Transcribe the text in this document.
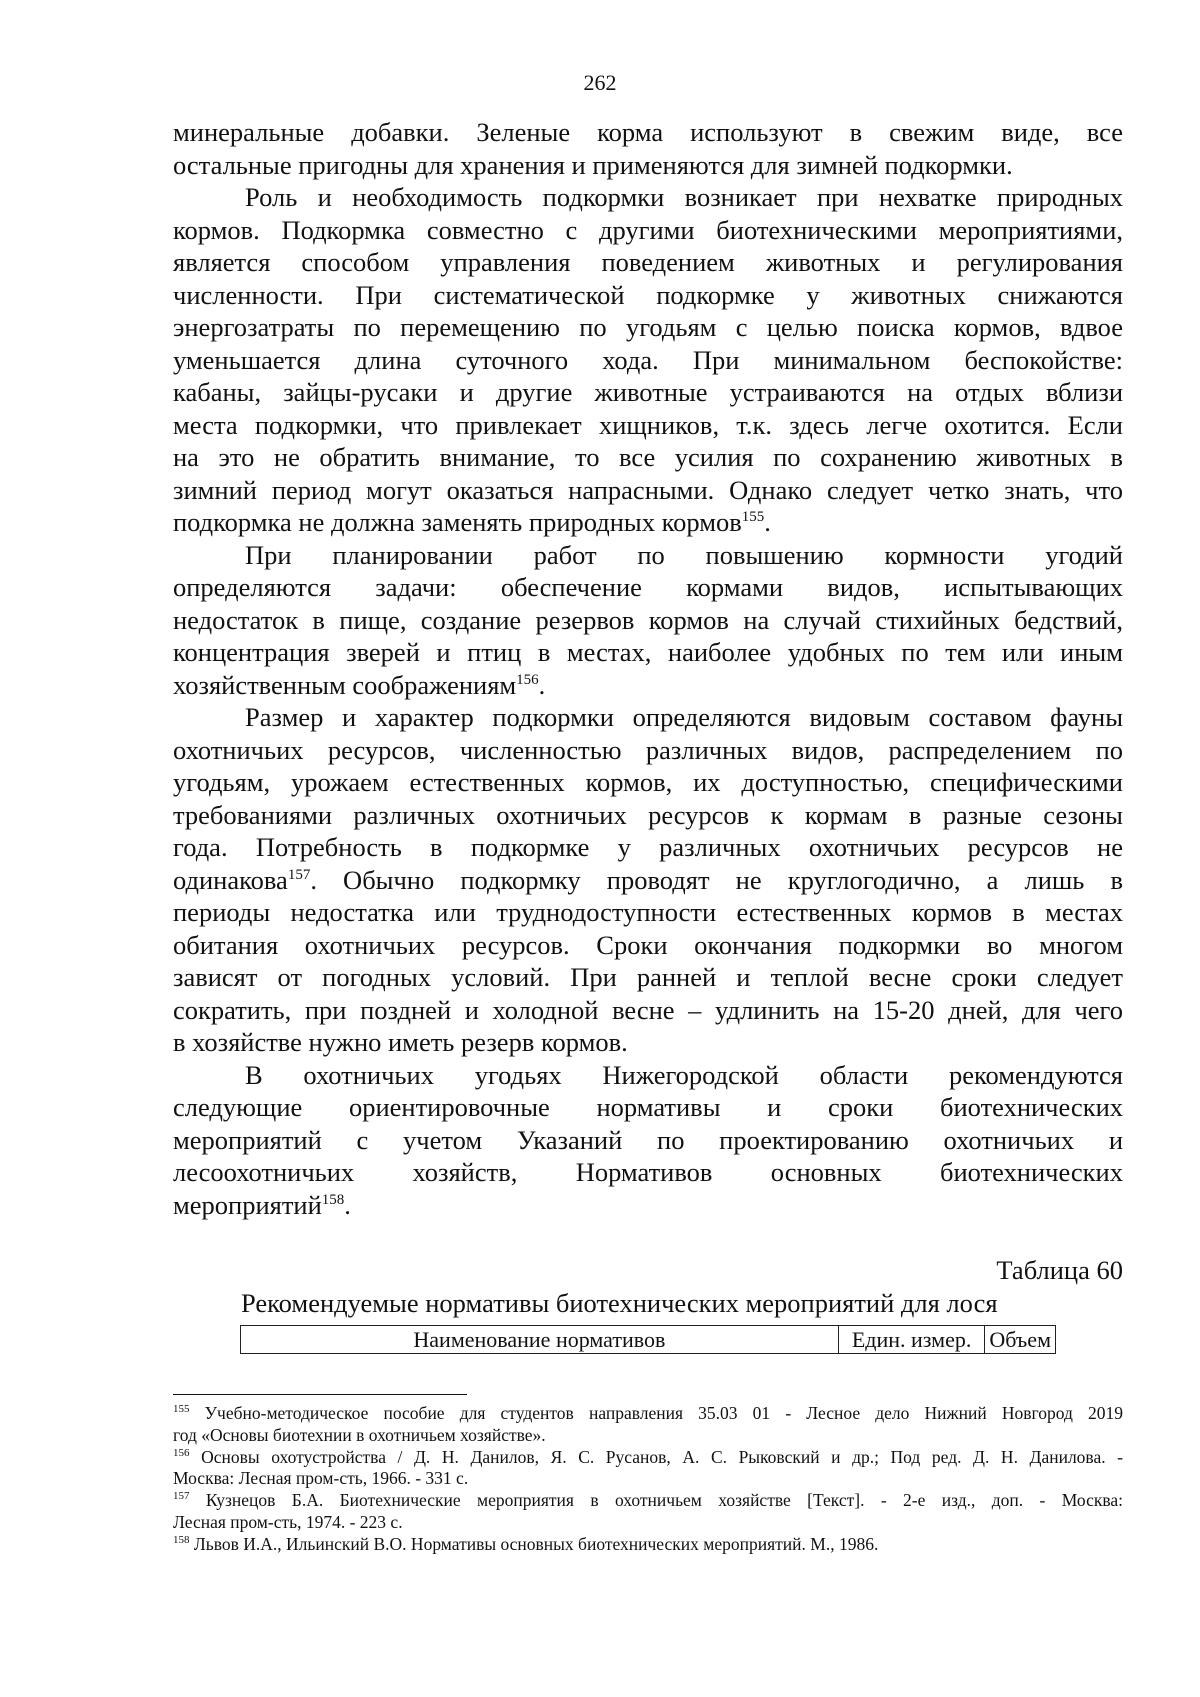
262
минеральные добавки. Зеленые корма используют в свежим виде, все
остальные пригодны для хранения и применяются для зимней подкормки.
Роль и необходимость подкормки возникает при нехватке природных
кормов. Подкормка совместно с другими биотехническими мероприятиями,
является способом управления поведением животных и регулирования
численности. При систематической подкормке у животных снижаются
энергозатраты по перемещению по угодьям с целью поиска кормов, вдвое
уменьшается длина суточного хода. При минимальном беспокойстве:
кабаны, зайцы-русаки и другие животные устраиваются на отдых вблизи
места подкормки, что привлекает хищников, т.к. здесь легче охотится. Если
на это не обратить внимание, то все усилия по сохранению животных в
зимний период могут оказаться напрасными. Однако следует четко знать, что
подкормка не должна заменять природных кормов$^{155}$.
При планировании работ по повышению кормности угодий
определяются задачи: обеспечение кормами видов, испытывающих
недостаток в пище, создание резервов кормов на случай стихийных бедствий,
концентрация зверей и птиц в местах, наиболее удобных по тем или иным
хозяйственным соображениям$^{156}$.
Размер и характер подкормки определяются видовым составом фауны
охотничьих ресурсов, численностью различных видов, распределением по
угодьям, урожаем естественных кормов, их доступностью, специфическими
требованиями различных охотничьих ресурсов к кормам в разные сезоны
года. Потребность в подкормке у различных охотничьих ресурсов не
одинакова$^{157}$. Обычно подкормку проводят не круглогодично, а лишь в
периоды недостатка или труднодоступности естественных кормов в местах
обитания охотничьих ресурсов. Сроки окончания подкормки во многом
зависят от погодных условий. При ранней и теплой весне сроки следует
сократить, при поздней и холодной весне – удлинить на 15-20 дней, для чего
в хозяйстве нужно иметь резерв кормов.
В охотничьих угодьях Нижегородской области рекомендуются
следующие ориентировочные нормативы и сроки биотехнических
мероприятий с учетом Указаний по проектированию охотничьих и
лесоохотничьих хозяйств, Нормативов основных биотехнических
мероприятий$^{158}$.
Таблица 60
Рекомендуемые нормативы биотехнических мероприятий для лося
Наименование нормативов	Един. измер.	Объем
$^{155}$ Учебно-методическое пособие для студентов направления 35.03 01 - Лесное дело Нижний Новгород 2019
год «Основы биотехнии в охотничьем хозяйстве».
$^{156}$ Основы охотустройства / Д. Н. Данилов, Я. С. Русанов, А. С. Рыковский и др.; Под ред. Д. Н. Данилова. -
Москва: Лесная пром-сть, 1966. - 331 с.
$^{157}$ Кузнецов Б.А. Биотехнические мероприятия в охотничьем хозяйстве [Текст]. - 2-е изд., доп. - Москва:
Лесная пром-сть, 1974. - 223 с.
$^{158}$ Львов И.А., Ильинский В.О. Нормативы основных биотехнических мероприятий. М., 1986.
